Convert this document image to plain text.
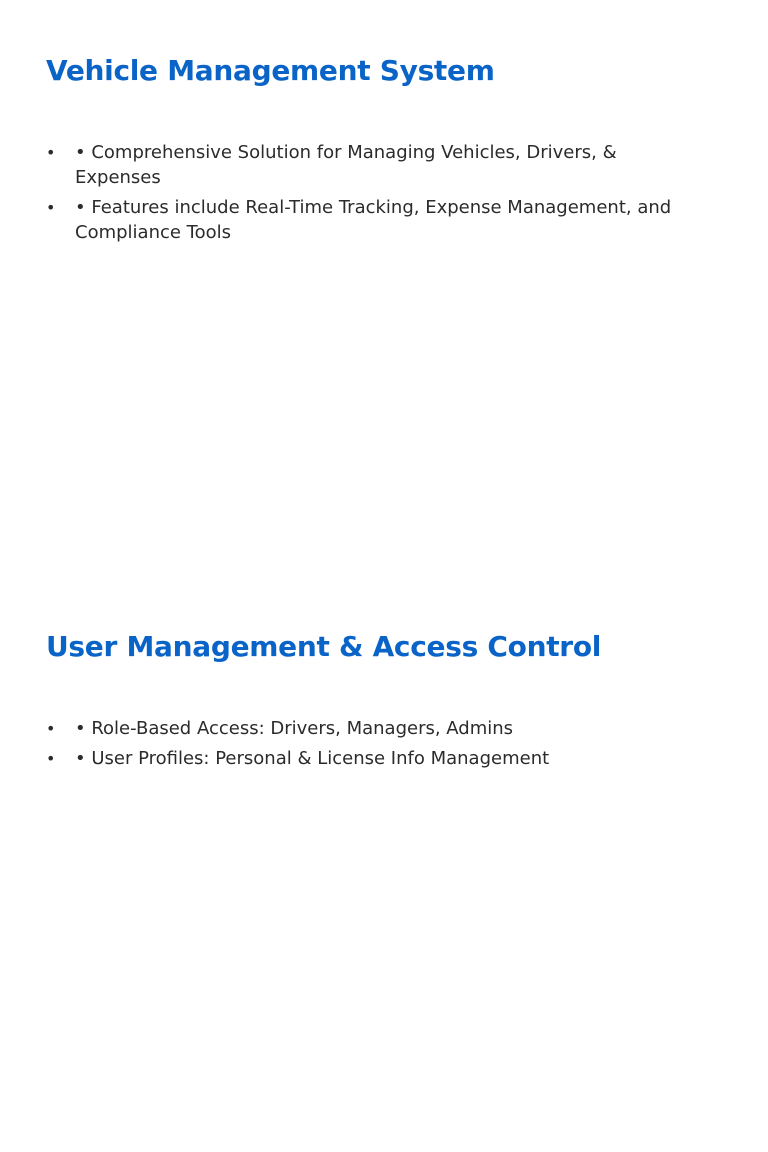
Vehicle Management System
• • Comprehensive Solution for Managing Vehicles, Drivers, & Expenses
• • Features include Real-Time Tracking, Expense Management, and Compliance Tools
User Management & Access Control
• • Role-Based Access: Drivers, Managers, Admins
• • User Profiles: Personal & License Info Management
